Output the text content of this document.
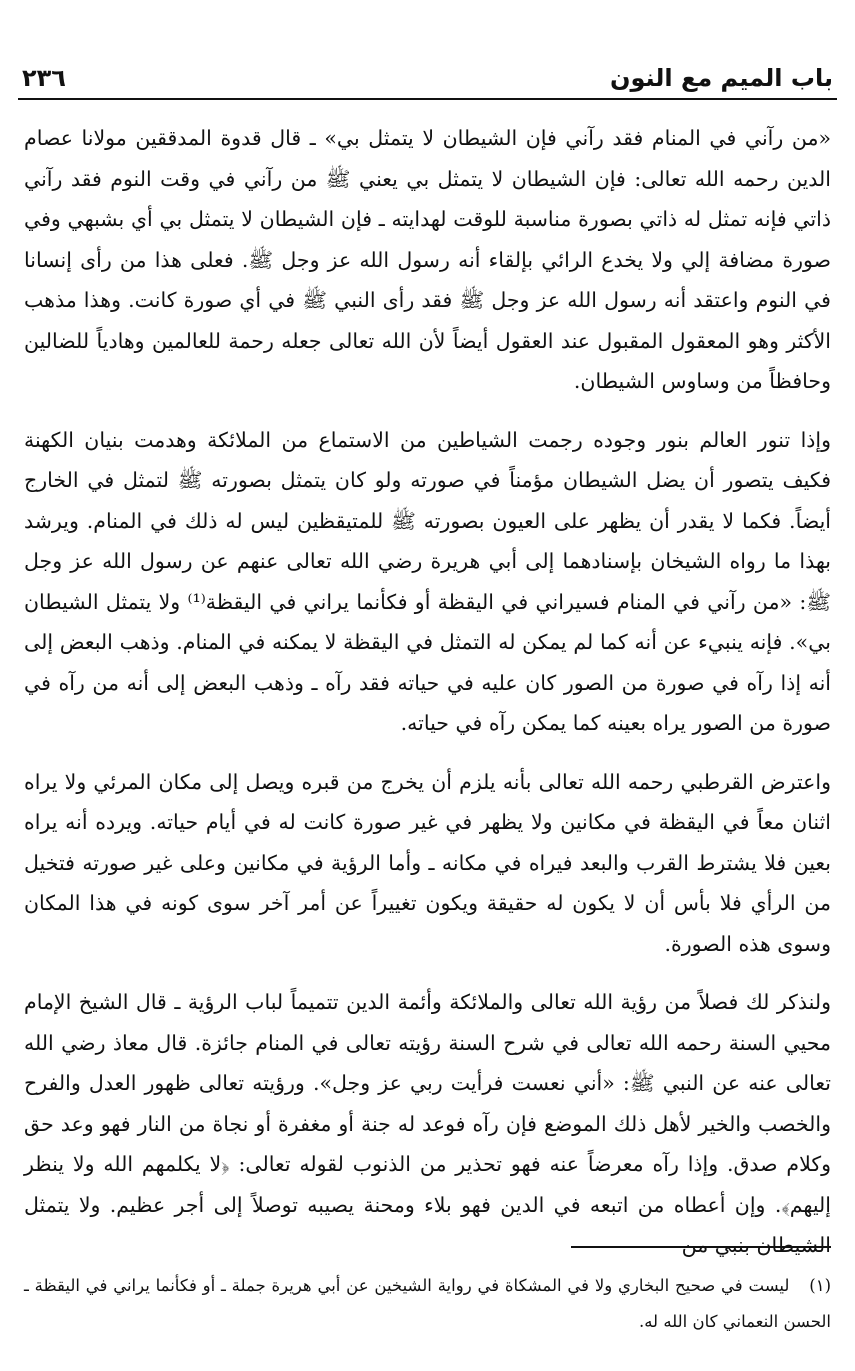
باب الميم مع النون
٢٣٦

«من رآني في المنام فقد رآني فإن الشيطان لا يتمثل بي» ـ قال قدوة المدققين مولانا عصام الدين رحمه الله تعالى: فإن الشيطان لا يتمثل بي يعني ﷺ من رآني في وقت النوم فقد رآني ذاتي فإنه تمثل له ذاتي بصورة مناسبة للوقت لهدايته ـ فإن الشيطان لا يتمثل بي أي بشبهي وفي صورة مضافة إلي ولا يخدع الرائي بإلقاء أنه رسول الله عز وجل ﷺ. فعلى هذا من رأى إنسانا في النوم واعتقد أنه رسول الله عز وجل ﷺ فقد رأى النبي ﷺ في أي صورة كانت. وهذا مذهب الأكثر وهو المعقول المقبول عند العقول أيضاً لأن الله تعالى جعله رحمة للعالمين وهادياً للضالين وحافظاً من وساوس الشيطان.

وإذا تنور العالم بنور وجوده رجمت الشياطين من الاستماع من الملائكة وهدمت بنيان الكهنة فكيف يتصور أن يضل الشيطان مؤمناً في صورته ولو كان يتمثل بصورته ﷺ لتمثل في الخارج أيضاً. فكما لا يقدر أن يظهر على العيون بصورته ﷺ للمتيقظين ليس له ذلك في المنام. ويرشد بهذا ما رواه الشيخان بإسنادهما إلى أبي هريرة رضي الله تعالى عنهم عن رسول الله عز وجل ﷺ: «من رآني في المنام فسيراني في اليقظة أو فكأنما يراني في اليقظة⁽¹⁾ ولا يتمثل الشيطان بي». فإنه ينبيء عن أنه كما لم يمكن له التمثل في اليقظة لا يمكنه في المنام. وذهب البعض إلى أنه إذا رآه في صورة من الصور كان عليه في حياته فقد رآه ـ وذهب البعض إلى أنه من رآه في صورة من الصور يراه بعينه كما يمكن رآه في حياته.

واعترض القرطبي رحمه الله تعالى بأنه يلزم أن يخرج من قبره ويصل إلى مكان المرئي ولا يراه اثنان معاً في اليقظة في مكانين ولا يظهر في غير صورة كانت له في أيام حياته. ويرده أنه يراه بعين فلا يشترط القرب والبعد فيراه في مكانه ـ وأما الرؤية في مكانين وعلى غير صورته فتخيل من الرأي فلا بأس أن لا يكون له حقيقة ويكون تغييراً عن أمر آخر سوى كونه في هذا المكان وسوى هذه الصورة.

ولنذكر لك فصلاً من رؤية الله تعالى والملائكة وأئمة الدين تتميماً لباب الرؤية ـ قال الشيخ الإمام محيي السنة رحمه الله تعالى في شرح السنة رؤيته تعالى في المنام جائزة. قال معاذ رضي الله تعالى عنه عن النبي ﷺ: «أني نعست فرأيت ربي عز وجل». ورؤيته تعالى ظهور العدل والفرح والخصب والخير لأهل ذلك الموضع فإن رآه فوعد له جنة أو مغفرة أو نجاة من النار فهو وعد حق وكلام صدق. وإذا رآه معرضاً عنه فهو تحذير من الذنوب لقوله تعالى: ﴿لا يكلمهم الله ولا ينظر إليهم﴾. وإن أعطاه من اتبعه في الدين فهو بلاء ومحنة يصيبه توصلاً إلى أجر عظيم. ولا يتمثل الشيطان بنبي من

(١) ليست في صحيح البخاري ولا في المشكاة في رواية الشيخين عن أبي هريرة جملة ـ أو فكأنما يراني في اليقظة ـ الحسن النعماني كان الله له.
